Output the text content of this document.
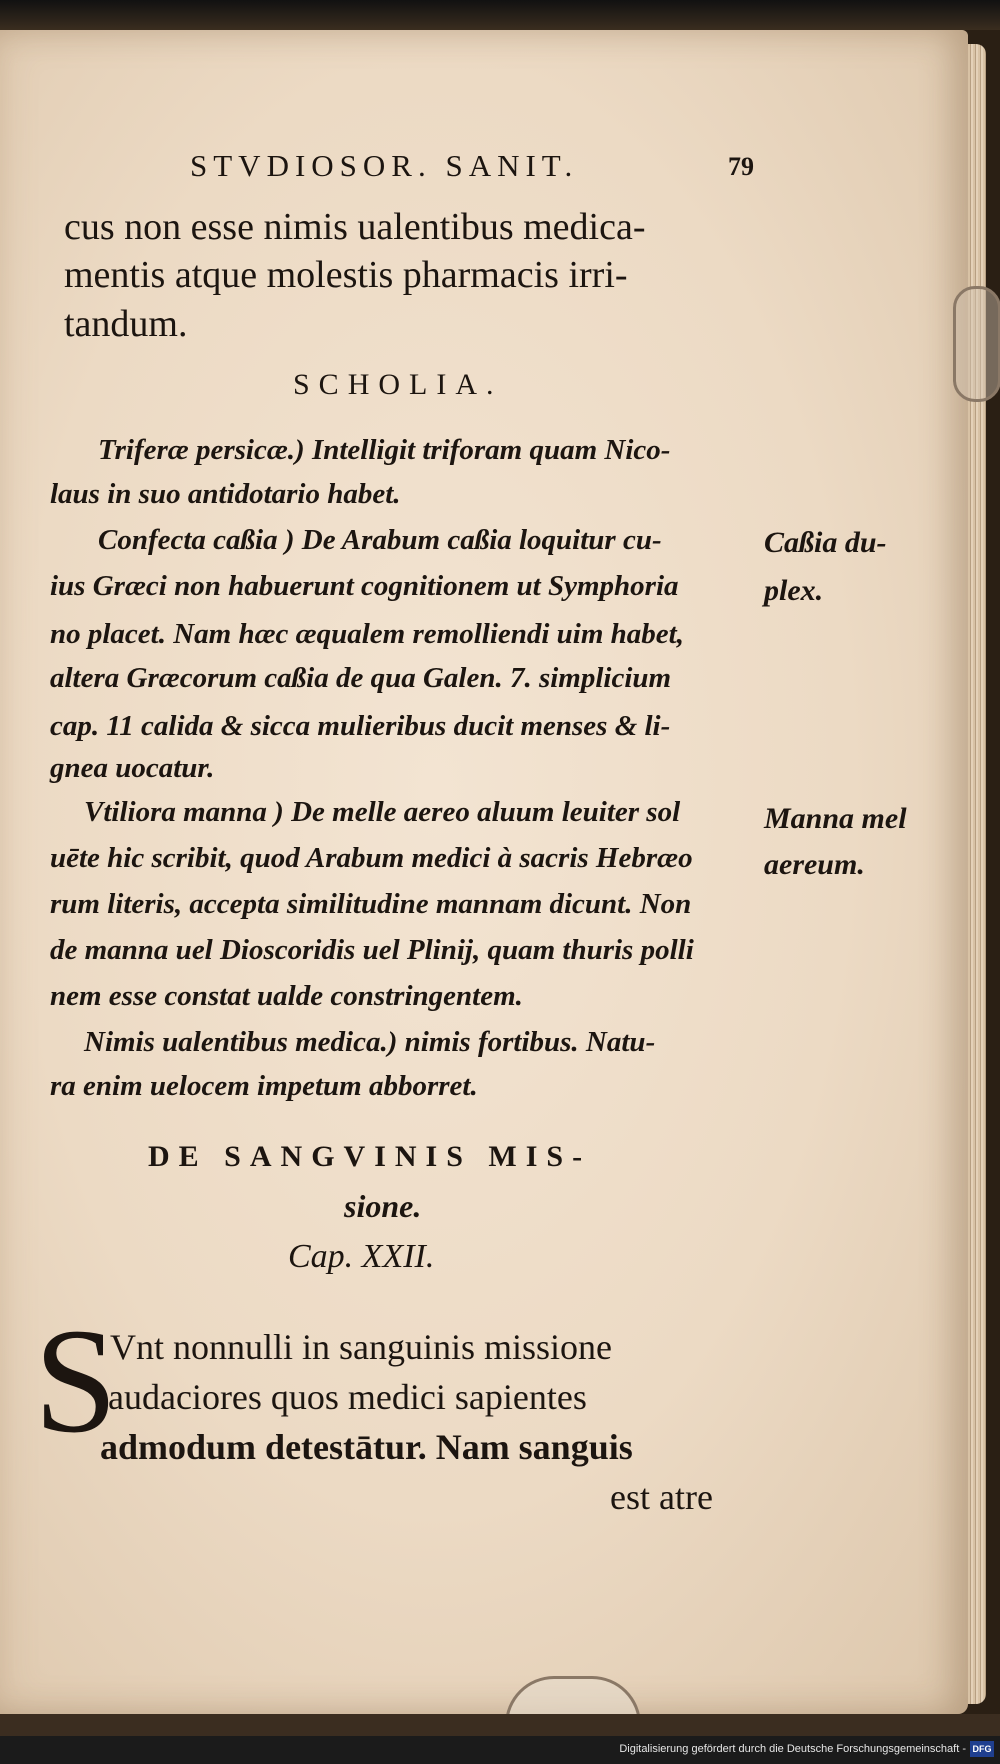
STVDIOSOR. SANIT.	79
cus non esse nimis ualentibus medica-
mentis atque molestis pharmacis irri-
tandum.
SCHOLIA.
Triferæ persicæ.) Intelligit triforam quam Nico-
laus in suo antidotario habet.
Confecta caßia ) De Arabum caßia loquitur cu-
ius Græci non habuerunt cognitionem ut Symphoria
no placet. Nam hæc æqualem remolliendi uim habet,
altera Græcorum caßia de qua Galen. 7. simplicium
cap. 11 calida & sicca mulieribus ducit menses & li-
gnea uocatur.
Vtiliora manna ) De melle aereo aluum leuiter sol
uēte hic scribit, quod Arabum medici à sacris Hebræo
rum literis, accepta similitudine mannam dicunt. Non
de manna uel Dioscoridis uel Plinij, quam thuris polli
nem esse constat ualde constringentem.
Nimis ualentibus medica.) nimis fortibus. Natu-
ra enim uelocem impetum abborret.
Caßia du-
plex.
Manna mel
aereum.
DE SANGVINIS MIS-
sione.
Cap. XXII.
S
Vnt nonnulli in sanguinis missione
audaciores quos medici sapientes
admodum detestātur. Nam sanguis
est atre
Digitalisierung gefördert durch die Deutsche Forschungsgemeinschaft - DFG
